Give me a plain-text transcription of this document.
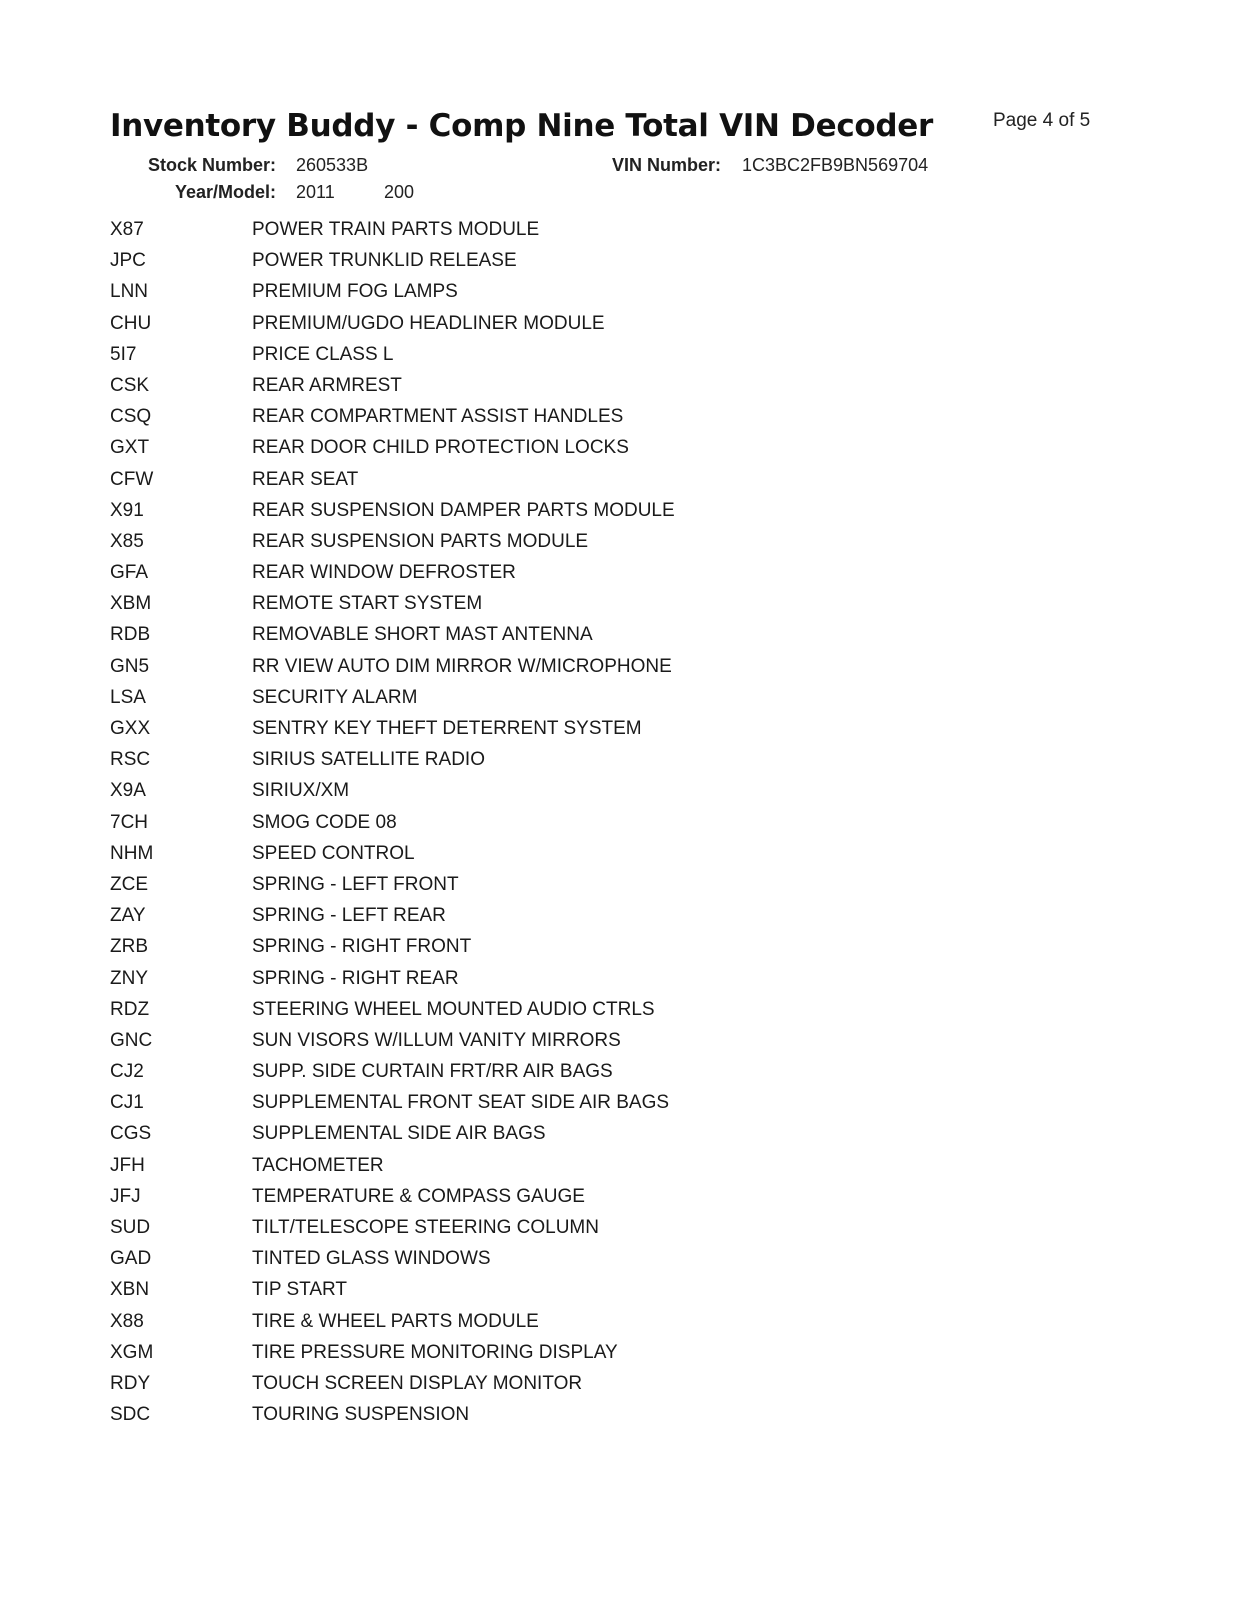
Inventory Buddy - Comp Nine Total VIN Decoder	Page 4 of 5
Stock Number: 260533B	VIN Number: 1C3BC2FB9BN569704
Year/Model: 2011	200
X87	POWER TRAIN PARTS MODULE
JPC	POWER TRUNKLID RELEASE
LNN	PREMIUM FOG LAMPS
CHU	PREMIUM/UGDO HEADLINER MODULE
5I7	PRICE CLASS L
CSK	REAR ARMREST
CSQ	REAR COMPARTMENT ASSIST HANDLES
GXT	REAR DOOR CHILD PROTECTION LOCKS
CFW	REAR SEAT
X91	REAR SUSPENSION DAMPER PARTS MODULE
X85	REAR SUSPENSION PARTS MODULE
GFA	REAR WINDOW DEFROSTER
XBM	REMOTE START SYSTEM
RDB	REMOVABLE SHORT MAST ANTENNA
GN5	RR VIEW AUTO DIM MIRROR W/MICROPHONE
LSA	SECURITY ALARM
GXX	SENTRY KEY THEFT DETERRENT SYSTEM
RSC	SIRIUS SATELLITE RADIO
X9A	SIRIUX/XM
7CH	SMOG CODE 08
NHM	SPEED CONTROL
ZCE	SPRING - LEFT FRONT
ZAY	SPRING - LEFT REAR
ZRB	SPRING - RIGHT FRONT
ZNY	SPRING - RIGHT REAR
RDZ	STEERING WHEEL MOUNTED AUDIO CTRLS
GNC	SUN VISORS W/ILLUM VANITY MIRRORS
CJ2	SUPP. SIDE CURTAIN FRT/RR AIR BAGS
CJ1	SUPPLEMENTAL FRONT SEAT SIDE AIR BAGS
CGS	SUPPLEMENTAL SIDE AIR BAGS
JFH	TACHOMETER
JFJ	TEMPERATURE & COMPASS GAUGE
SUD	TILT/TELESCOPE STEERING COLUMN
GAD	TINTED GLASS WINDOWS
XBN	TIP START
X88	TIRE & WHEEL PARTS MODULE
XGM	TIRE PRESSURE MONITORING DISPLAY
RDY	TOUCH SCREEN DISPLAY MONITOR
SDC	TOURING SUSPENSION
